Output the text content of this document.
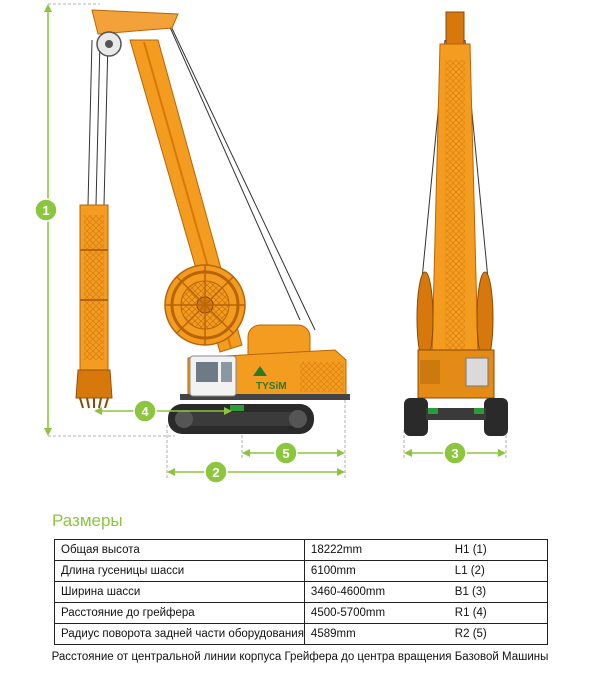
TYSiM
1
2
3
4
5
Размеры
Общая высота	18222mm	H1 (1)
Длина гусеницы шасси	6100mm	L1 (2)
Ширина шасси	3460-4600mm	B1 (3)
Расстояние до грейфера	4500-5700mm	R1 (4)
Радиус поворота задней части оборудования	4589mm	R2 (5)
Расстояние от центральной линии корпуса Грейфера до центра вращения Базовой Машины
